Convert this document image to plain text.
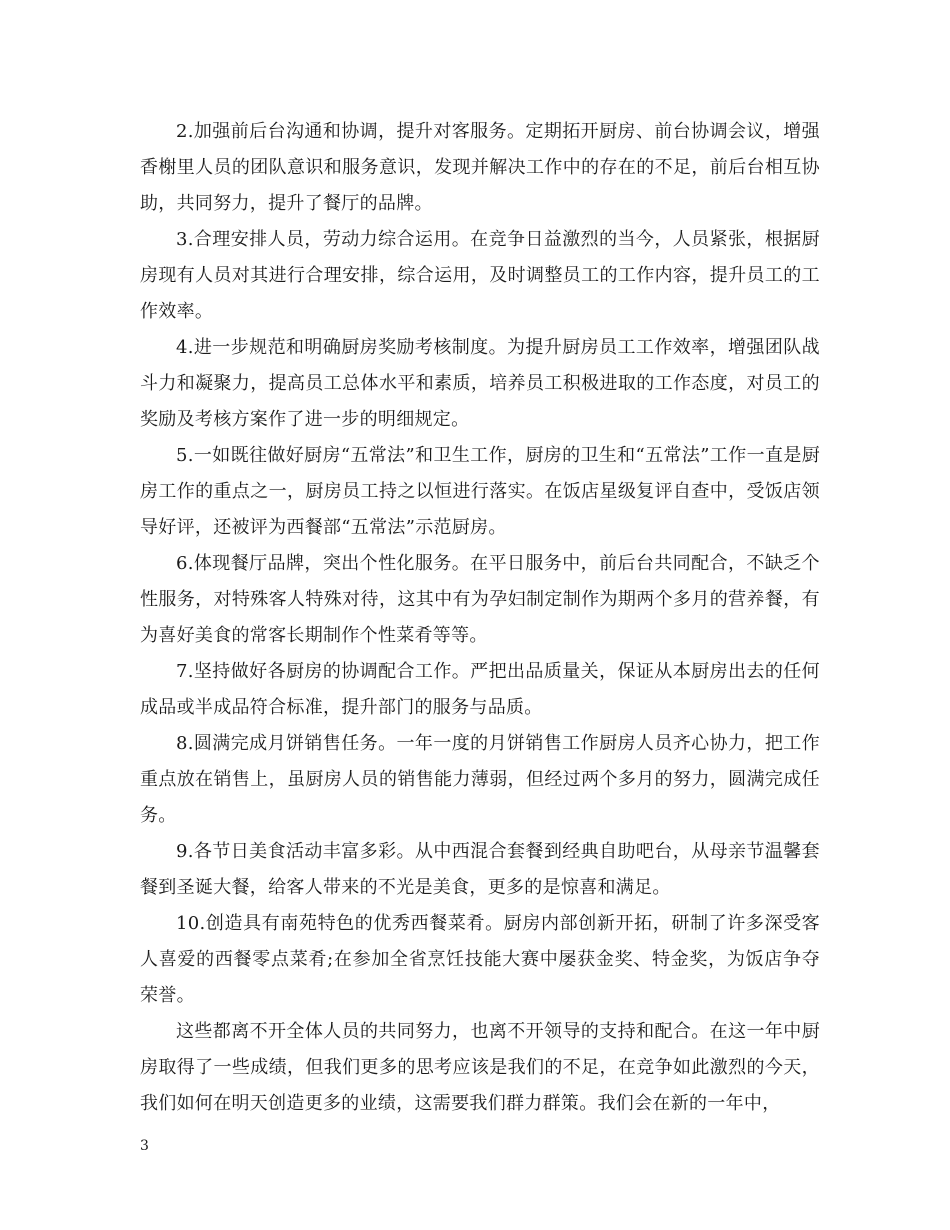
2.加强前后台沟通和协调，提升对客服务。定期拓开厨房、前台协调会议，增强香榭里人员的团队意识和服务意识，发现并解决工作中的存在的不足，前后台相互协助，共同努力，提升了餐厅的品牌。

3.合理安排人员，劳动力综合运用。在竞争日益激烈的当今，人员紧张，根据厨房现有人员对其进行合理安排，综合运用，及时调整员工的工作内容，提升员工的工作效率。

4.进一步规范和明确厨房奖励考核制度。为提升厨房员工工作效率，增强团队战斗力和凝聚力，提高员工总体水平和素质，培养员工积极进取的工作态度，对员工的奖励及考核方案作了进一步的明细规定。

5.一如既往做好厨房“五常法”和卫生工作，厨房的卫生和“五常法”工作一直是厨房工作的重点之一，厨房员工持之以恒进行落实。在饭店星级复评自查中，受饭店领导好评，还被评为西餐部“五常法”示范厨房。

6.体现餐厅品牌，突出个性化服务。在平日服务中，前后台共同配合，不缺乏个性服务，对特殊客人特殊对待，这其中有为孕妇制定制作为期两个多月的营养餐，有为喜好美食的常客长期制作个性菜肴等等。

7.坚持做好各厨房的协调配合工作。严把出品质量关，保证从本厨房出去的任何成品或半成品符合标准，提升部门的服务与品质。

8.圆满完成月饼销售任务。一年一度的月饼销售工作厨房人员齐心协力，把工作重点放在销售上，虽厨房人员的销售能力薄弱，但经过两个多月的努力，圆满完成任务。

9.各节日美食活动丰富多彩。从中西混合套餐到经典自助吧台，从母亲节温馨套餐到圣诞大餐，给客人带来的不光是美食，更多的是惊喜和满足。

10.创造具有南苑特色的优秀西餐菜肴。厨房内部创新开拓，研制了许多深受客人喜爱的西餐零点菜肴;在参加全省烹饪技能大赛中屡获金奖、特金奖，为饭店争夺荣誉。

这些都离不开全体人员的共同努力，也离不开领导的支持和配合。在这一年中厨房取得了一些成绩，但我们更多的思考应该是我们的不足，在竞争如此激烈的今天，我们如何在明天创造更多的业绩，这需要我们群力群策。我们会在新的一年中，

3
